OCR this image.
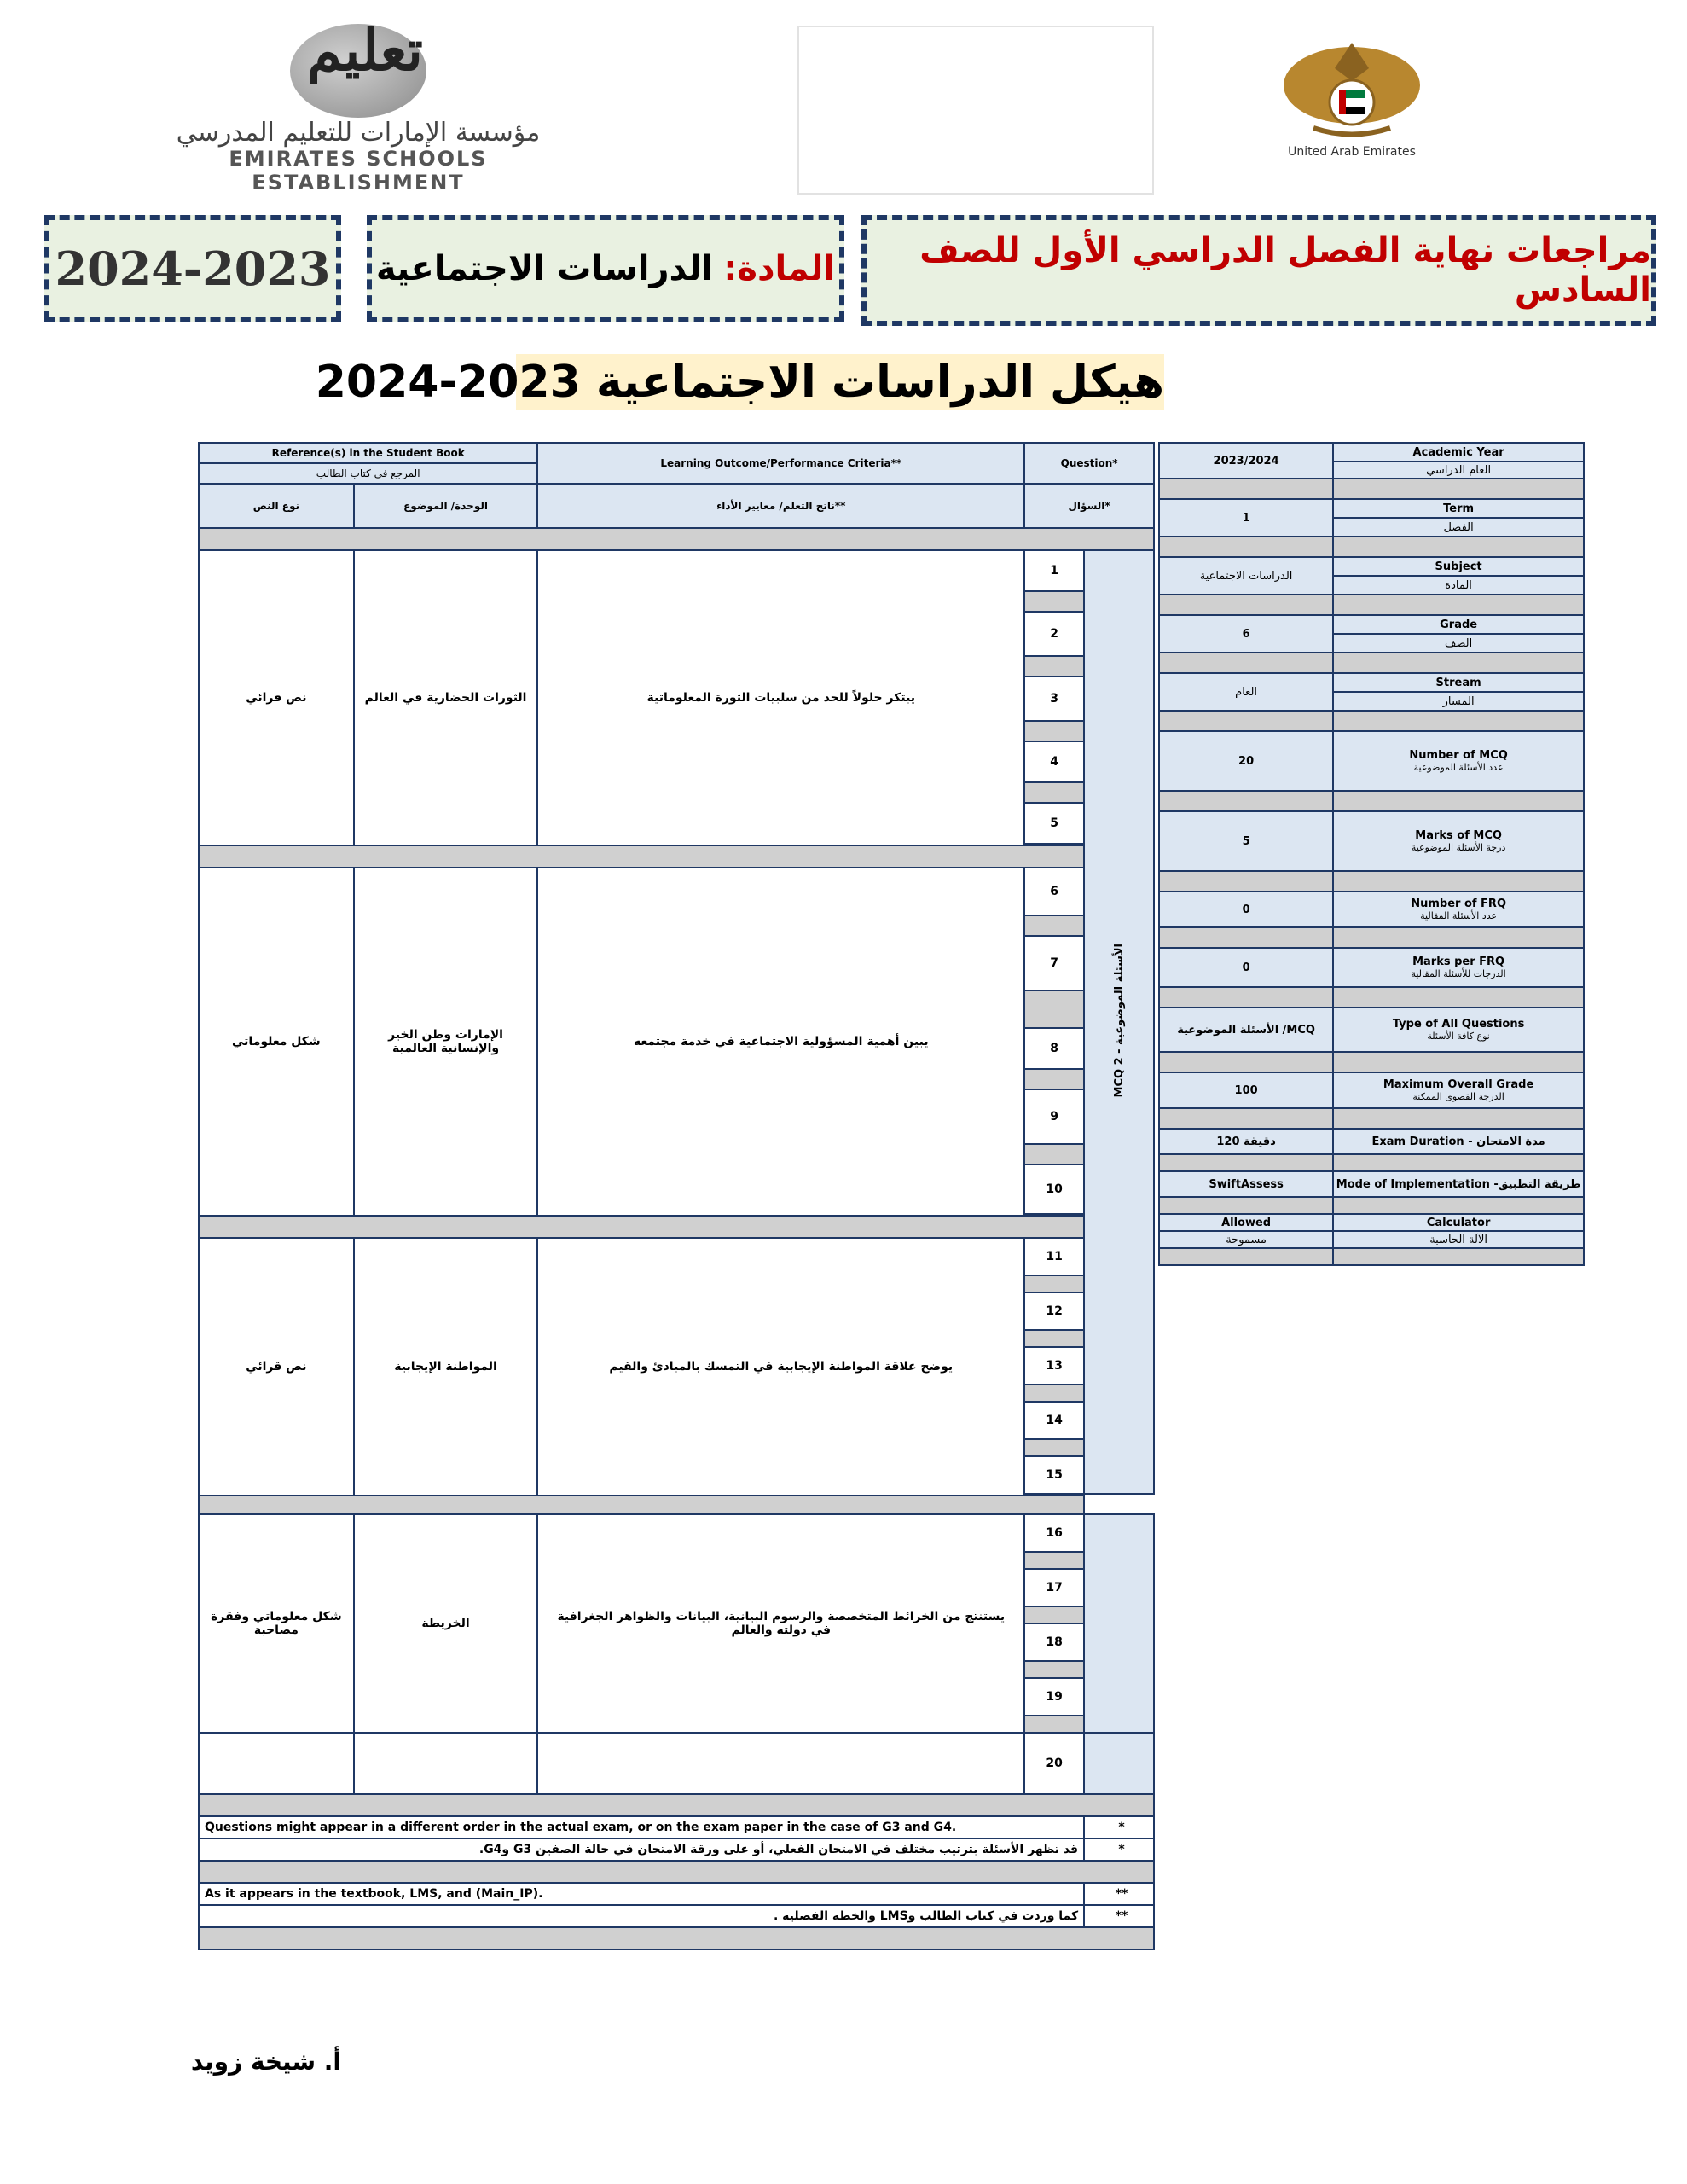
تعليم
مؤسسة الإمارات للتعليم المدرسي
EMIRATES SCHOOLS ESTABLISHMENT
United Arab Emirates
2024-2023	المادة:
الدراسات الاجتماعية	مراجعات نهاية الفصل الدراسي الأول للصف السادس
هيكل الدراسات الاجتماعية 2023-2024
2023/2024	Academic Year
	العام الدراسي

1	Term
	الفصل

الدراسات الاجتماعية	Subject
	المادة

6	Grade
	الصف

العام	Stream
	المسار

20	Number of MCQ
عدد الأسئلة الموضوعية

5	Marks of MCQ
درجة الأسئلة الموضوعية

0	Number of FRQ
عدد الأسئلة المقالية

0	Marks per FRQ
الدرجات للأسئلة المقالية

الأسئلة الموضوعية /MCQ	Type of All Questions
نوع كافة الأسئلة

100	Maximum Overall Grade
الدرجة القصوى الممكنة

120 دقيقة	Exam Duration - مدة الامتحان

SwiftAssess	Mode of Implementation -طريقة التطبيق

Allowed	Calculator
مسموحة	الآلة الحاسبة

Reference(s) in the Student Book		Learning Outcome/Performance Criteria**	Question*	
المرجع في كتاب الطالب				
نوع النص	الوحدة/ الموضوع	ناتج التعلم/ معايير الأداء**	السؤال*	

نص قرائي	الثورات الحضارية في العالم	يبتكر حلولاً للحد من سلبيات الثورة المعلوماتية	1	MCQ 2 - الأسئلة الموضوعية

			2	

			3	

			4	

			5	

شكل معلوماتي	الإمارات وطن الخير والإنسانية العالمية	يبين أهمية المسؤولية الاجتماعية في خدمة مجتمعه	6	

			7	

			8	

			9	

			10	

نص قرائي	المواطنة الإيجابية	يوضح علاقة المواطنة الإيجابية في التمسك بالمبادئ والقيم	11	

			12	

			13	

			14	

			15	

شكل معلوماتي وفقرة مصاحبة	الخريطة	يستنتج من الخرائط المتخصصة والرسوم البيانية، البيانات والظواهر الجغرافية في دولته والعالم	16	

			17	

			18	

			19	

			20	

Questions might appear in a different order in the actual exam, or on the exam paper in the case of G3 and G4.				*
قد تظهر الأسئلة بترتيب مختلف في الامتحان الفعلي، أو على ورقة الامتحان في حالة الصفين G3 وG4.				*

As it appears in the textbook, LMS, and (Main_IP).				**
كما وردت في كتاب الطالب وLMS والخطة الفصلية .				**

أ. شيخة زويد
